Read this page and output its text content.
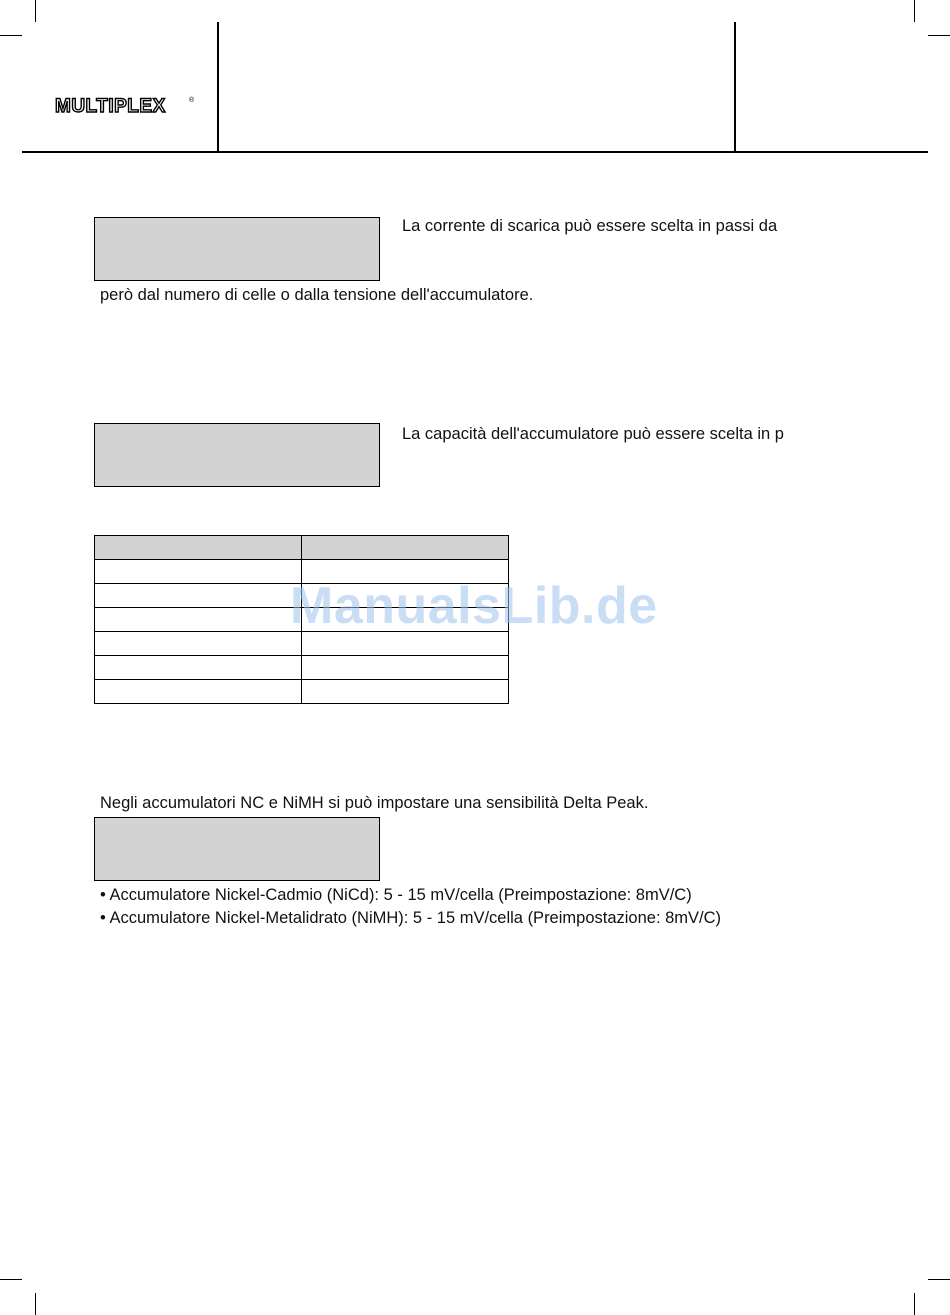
MULTIPLEX	®
La corrente di scarica può essere scelta in passi da
però dal numero di celle o dalla tensione dell'accumulatore.
La capacità dell'accumulatore può essere scelta in p

ManualsLib.de
Negli accumulatori NC e NiMH si può impostare una sensibilità Delta Peak.
• Accumulatore Nickel-Cadmio (NiCd): 5 - 15 mV/cella (Preimpostazione: 8mV/C)
• Accumulatore Nickel-Metalidrato (NiMH): 5 - 15 mV/cella (Preimpostazione: 8mV/C)
